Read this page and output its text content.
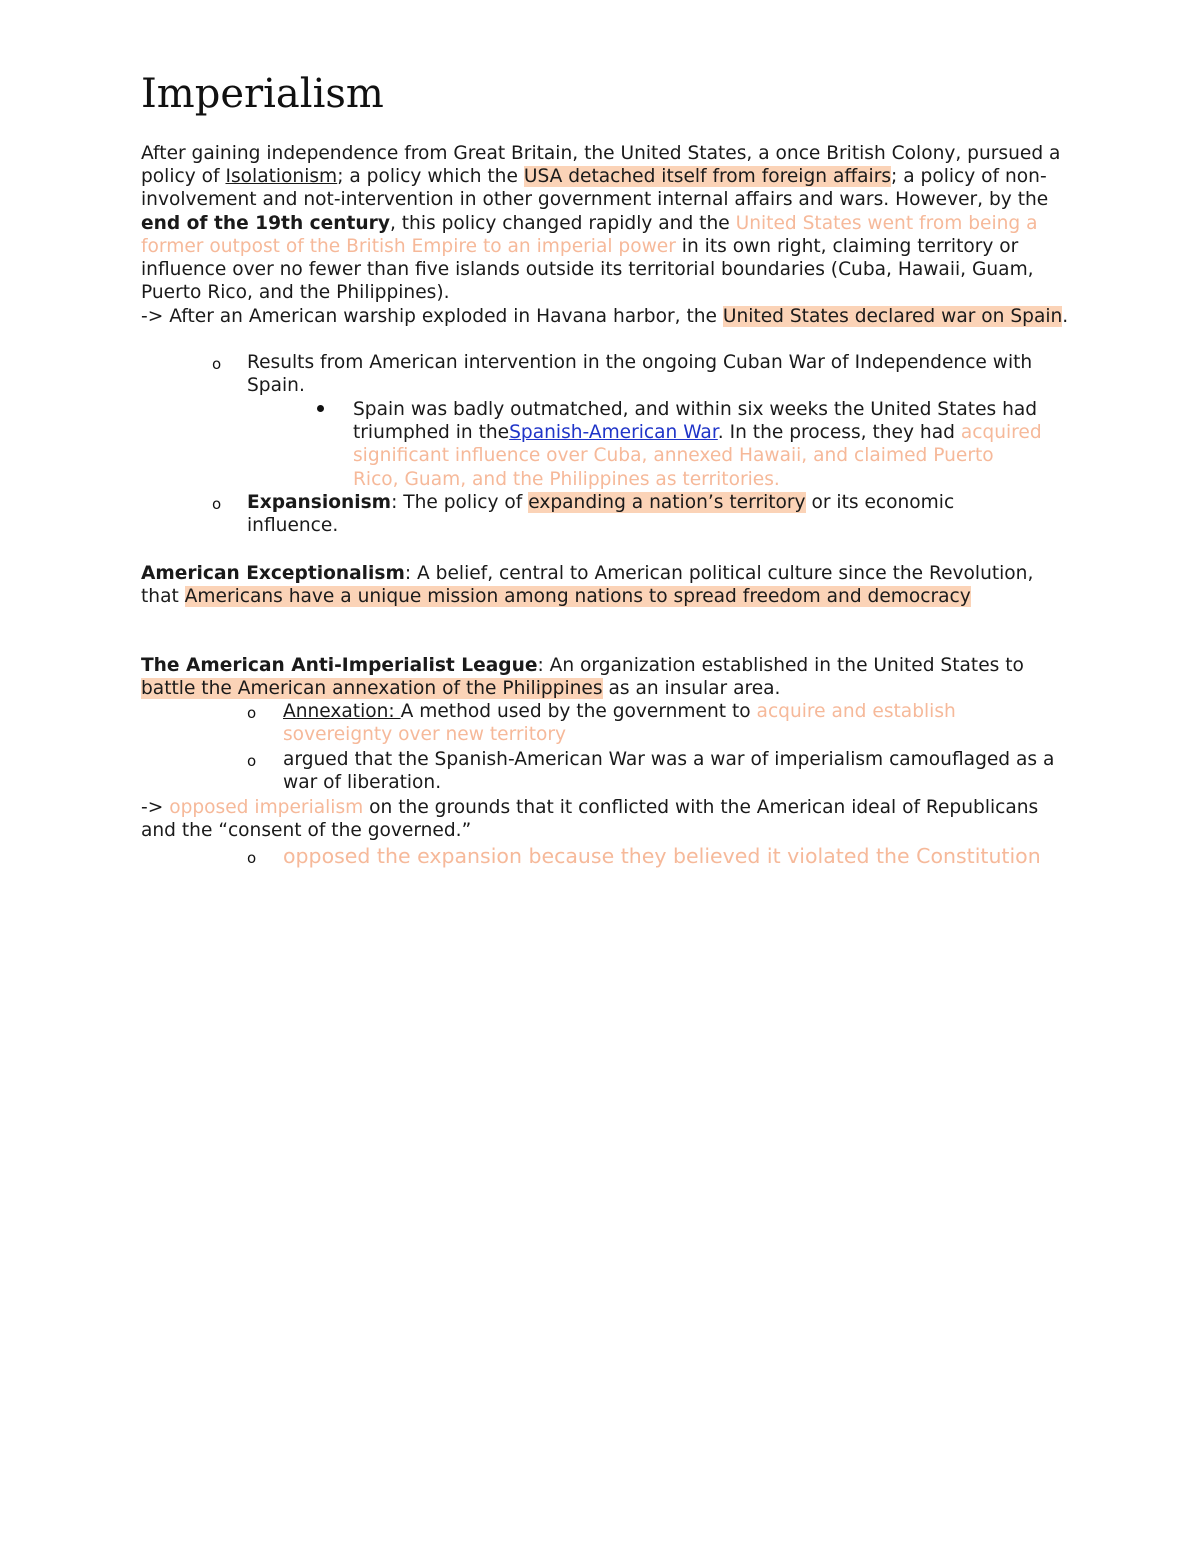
Imperialism

After gaining independence from Great Britain, the United States, a once British Colony, pursued a policy of Isolationism; a policy which the USA detached itself from foreign affairs; a policy of non-involvement and not-intervention in other government internal affairs and wars. However, by the end of the 19th century, this policy changed rapidly and the United States went from being a former outpost of the British Empire to an imperial power in its own right, claiming territory or influence over no fewer than five islands outside its territorial boundaries (Cuba, Hawaii, Guam, Puerto Rico, and the Philippines).

-> After an American warship exploded in Havana harbor, the United States declared war on Spain.

o Results from American intervention in the ongoing Cuban War of Independence with Spain.

Spain was badly outmatched, and within six weeks the United States had triumphed in theSpanish-American War. In the process, they had acquired significant influence over Cuba, annexed Hawaii, and claimed Puerto Rico, Guam, and the Philippines as territories.

o Expansionism: The policy of expanding a nation’s territory or its economic influence.

American Exceptionalism: A belief, central to American political culture since the Revolution, that Americans have a unique mission among nations to spread freedom and democracy

The American Anti-Imperialist League: An organization established in the United States to battle the American annexation of the Philippines as an insular area.

o Annexation: A method used by the government to acquire and establish sovereignty over new territory

o argued that the Spanish-American War was a war of imperialism camouflaged as a war of liberation.

-> opposed imperialism on the grounds that it conflicted with the American ideal of Republicans and the “consent of the governed.”

o opposed the expansion because they believed it violated the Constitution
